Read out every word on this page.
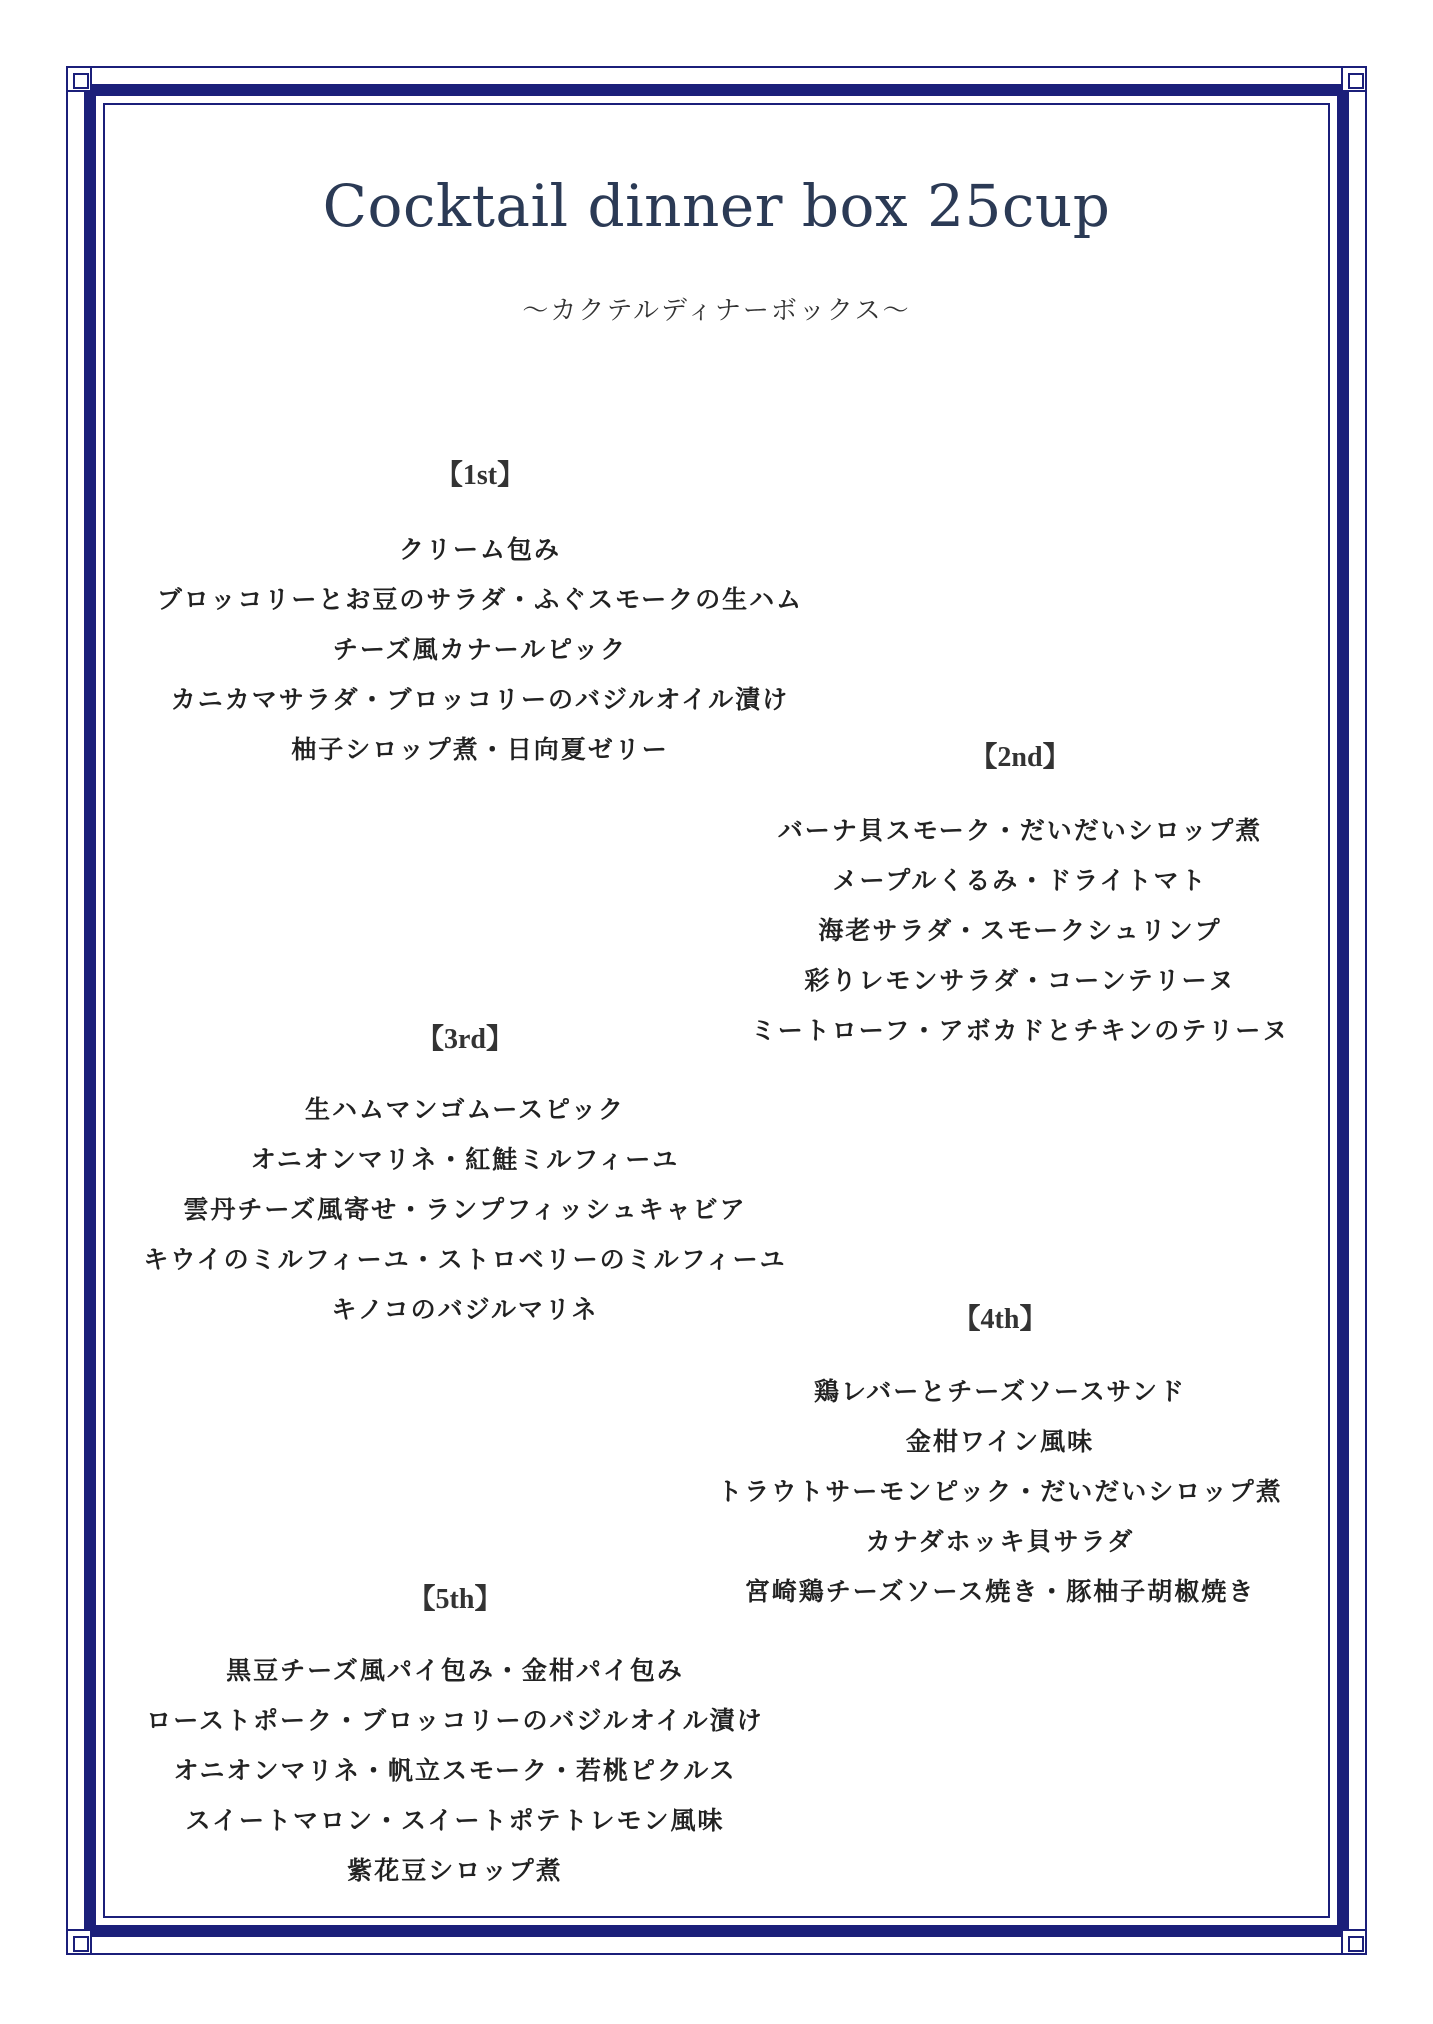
Cocktail dinner box 25cup
〜カクテルディナーボックス〜
【1st】
クリーム包み
ブロッコリーとお豆のサラダ・ふぐスモークの生ハム
チーズ風カナールピック
カニカマサラダ・ブロッコリーのバジルオイル漬け
柚子シロップ煮・日向夏ゼリー	【2nd】
バーナ貝スモーク・だいだいシロップ煮
メープルくるみ・ドライトマト
海老サラダ・スモークシュリンプ
彩りレモンサラダ・コーンテリーヌ
ミートローフ・アボカドとチキンのテリーヌ
【3rd】
生ハムマンゴムースピック
オニオンマリネ・紅鮭ミルフィーユ
雲丹チーズ風寄せ・ランプフィッシュキャビア
キウイのミルフィーユ・ストロベリーのミルフィーユ
キノコのバジルマリネ	【4th】
鶏レバーとチーズソースサンド
金柑ワイン風味
トラウトサーモンピック・だいだいシロップ煮
カナダホッキ貝サラダ
宮崎鶏チーズソース焼き・豚柚子胡椒焼き
【5th】
黒豆チーズ風パイ包み・金柑パイ包み
ローストポーク・ブロッコリーのバジルオイル漬け
オニオンマリネ・帆立スモーク・若桃ピクルス
スイートマロン・スイートポテトレモン風味
紫花豆シロップ煮
